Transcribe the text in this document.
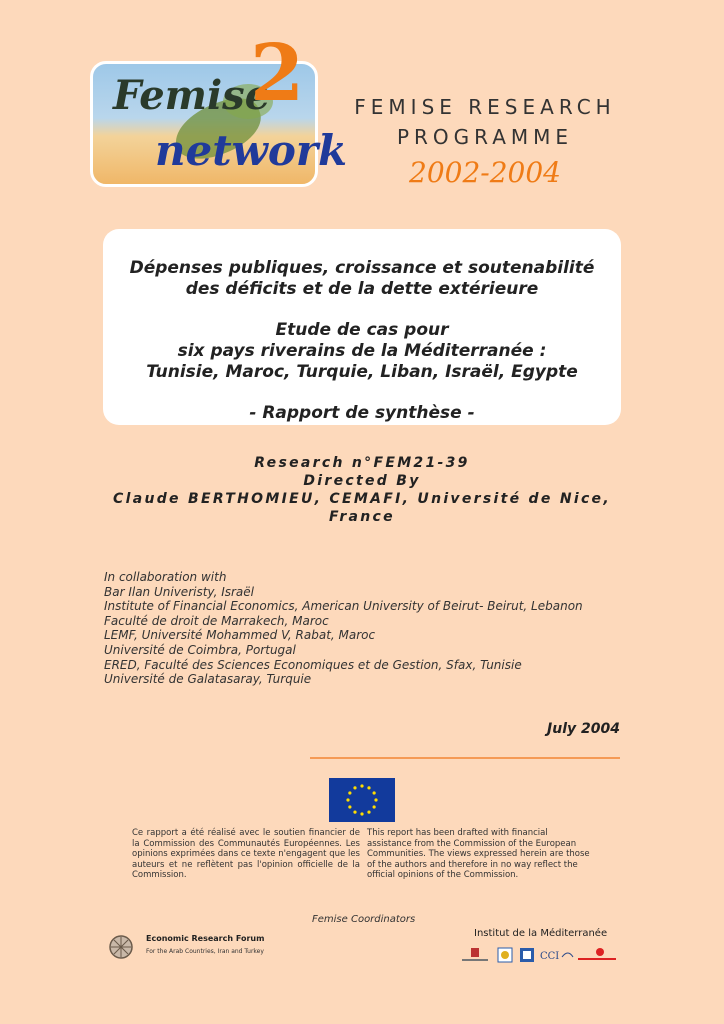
Femise
network
2	FEMISE RESEARCH
PROGRAMME
2002-2004

Dépenses publiques, croissance et soutenabilité

des déficits et de la dette extérieure

Etude de cas pour

six pays riverains de la Méditerranée :

Tunisie, Maroc, Turquie, Liban, Israël, Egypte

- Rapport de synthèse -

Research n°FEM21-39

Directed By

Claude BERTHOMIEU, CEMAFI, Université de Nice,

France

In collaboration with

Bar Ilan Univeristy, Israël

Institute of Financial Economics, American University of Beirut- Beirut, Lebanon

Faculté de droit de Marrakech, Maroc

LEMF, Université Mohammed V, Rabat, Maroc

Université de Coimbra, Portugal

ERED, Faculté des Sciences Economiques et de Gestion, Sfax, Tunisie

Université de Galatasaray, Turquie

July 2004
Ce rapport a été réalisé avec le soutien financier de la Commission des Communautés Européennes. Les opinions exprimées dans ce texte n'engagent que les auteurs et ne reflètent pas l'opinion officielle de la Commission.
This report has been drafted with financial assistance from the Commission of the European Communities. The views expressed herein are those of the authors and therefore in no way reflect the official opinions of the Commission.
Femise Coordinators
Economic Research Forum
For the Arab Countries, Iran and Turkey
Institut de la Méditerranée
CCI
